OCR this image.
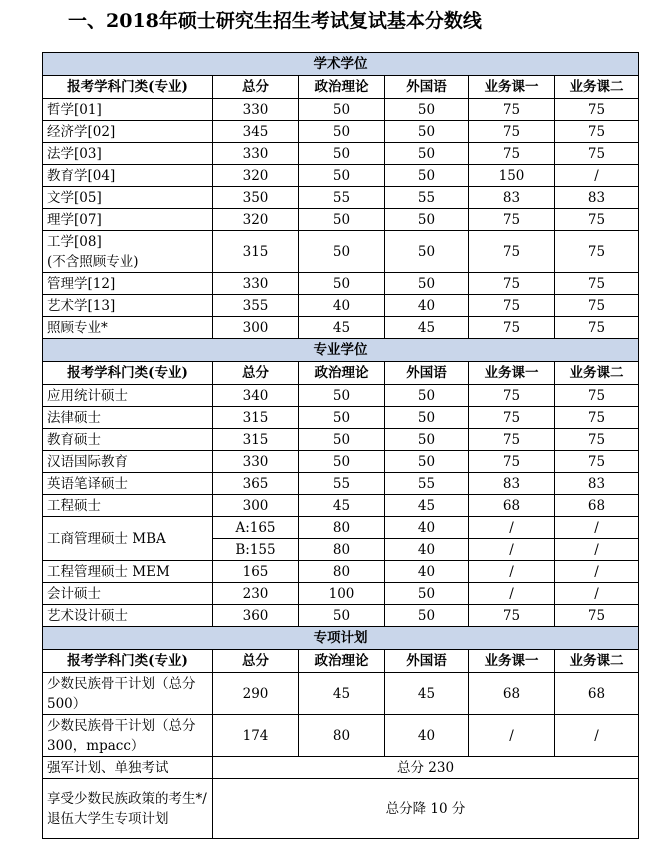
一、2018年硕士研究生招生考试复试基本分数线
学术学位					
报考学科门类(专业)	总分	政治理论	外国语	业务课一	业务课二
哲学[01]	330	50	50	75	75
经济学[02]	345	50	50	75	75
法学[03]	330	50	50	75	75
教育学[04]	320	50	50	150	/
文学[05]	350	55	55	83	83
理学[07]	320	50	50	75	75
工学[08]
(不含照顾专业)	315	50	50	75	75
管理学[12]	330	50	50	75	75
艺术学[13]	355	40	40	75	75
照顾专业*	300	45	45	75	75
专业学位					
报考学科门类(专业)	总分	政治理论	外国语	业务课一	业务课二
应用统计硕士	340	50	50	75	75
法律硕士	315	50	50	75	75
教育硕士	315	50	50	75	75
汉语国际教育	330	50	50	75	75
英语笔译硕士	365	55	55	83	83
工程硕士	300	45	45	68	68
工商管理硕士 MBA	A:165	80	40	/	/
	B:155	80	40	/	/
工程管理硕士 MEM	165	80	40	/	/
会计硕士	230	100	50	/	/
艺术设计硕士	360	50	50	75	75
专项计划					
报考学科门类(专业)	总分	政治理论	外国语	业务课一	业务课二
少数民族骨干计划（总分 500）	290	45	45	68	68
少数民族骨干计划（总分 300，mpacc）	174	80	40	/	/
强军计划、单独考试	总分 230				
享受少数民族政策的考生*/退伍大学生专项计划	总分降 10 分				
